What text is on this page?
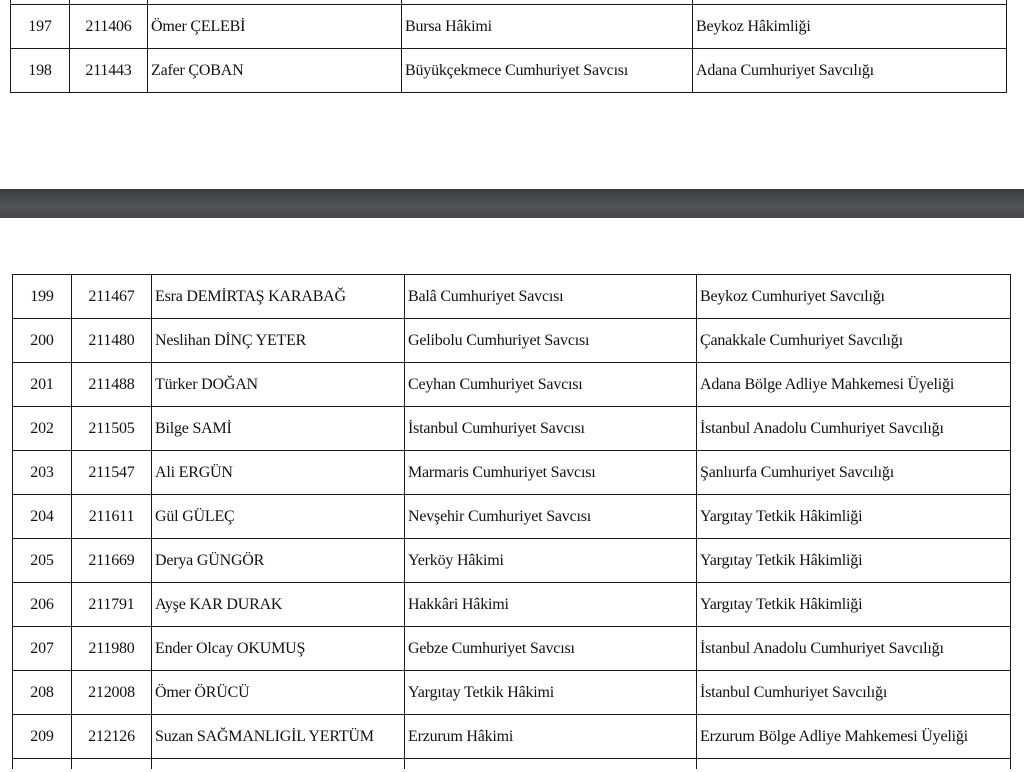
197	211406	Ömer ÇELEBİ	Bursa Hâkimi	Beykoz Hâkimliği
198	211443	Zafer ÇOBAN	Büyükçekmece Cumhuriyet Savcısı	Adana Cumhuriyet Savcılığı
199	211467	Esra DEMİRTAŞ KARABAĞ	Balâ Cumhuriyet Savcısı	Beykoz Cumhuriyet Savcılığı
200	211480	Neslihan DİNÇ YETER	Gelibolu Cumhuriyet Savcısı	Çanakkale Cumhuriyet Savcılığı
201	211488	Türker DOĞAN	Ceyhan Cumhuriyet Savcısı	Adana Bölge Adliye Mahkemesi Üyeliği
202	211505	Bilge SAMİ	İstanbul Cumhuriyet Savcısı	İstanbul Anadolu Cumhuriyet Savcılığı
203	211547	Ali ERGÜN	Marmaris Cumhuriyet Savcısı	Şanlıurfa Cumhuriyet Savcılığı
204	211611	Gül GÜLEÇ	Nevşehir Cumhuriyet Savcısı	Yargıtay Tetkik Hâkimliği
205	211669	Derya GÜNGÖR	Yerköy Hâkimi	Yargıtay Tetkik Hâkimliği
206	211791	Ayşe KAR DURAK	Hakkâri Hâkimi	Yargıtay Tetkik Hâkimliği
207	211980	Ender Olcay OKUMUŞ	Gebze Cumhuriyet Savcısı	İstanbul Anadolu Cumhuriyet Savcılığı
208	212008	Ömer ÖRÜCÜ	Yargıtay Tetkik Hâkimi	İstanbul Cumhuriyet Savcılığı
209	212126	Suzan SAĞMANLIGİL YERTÜM	Erzurum Hâkimi	Erzurum Bölge Adliye Mahkemesi Üyeliği
